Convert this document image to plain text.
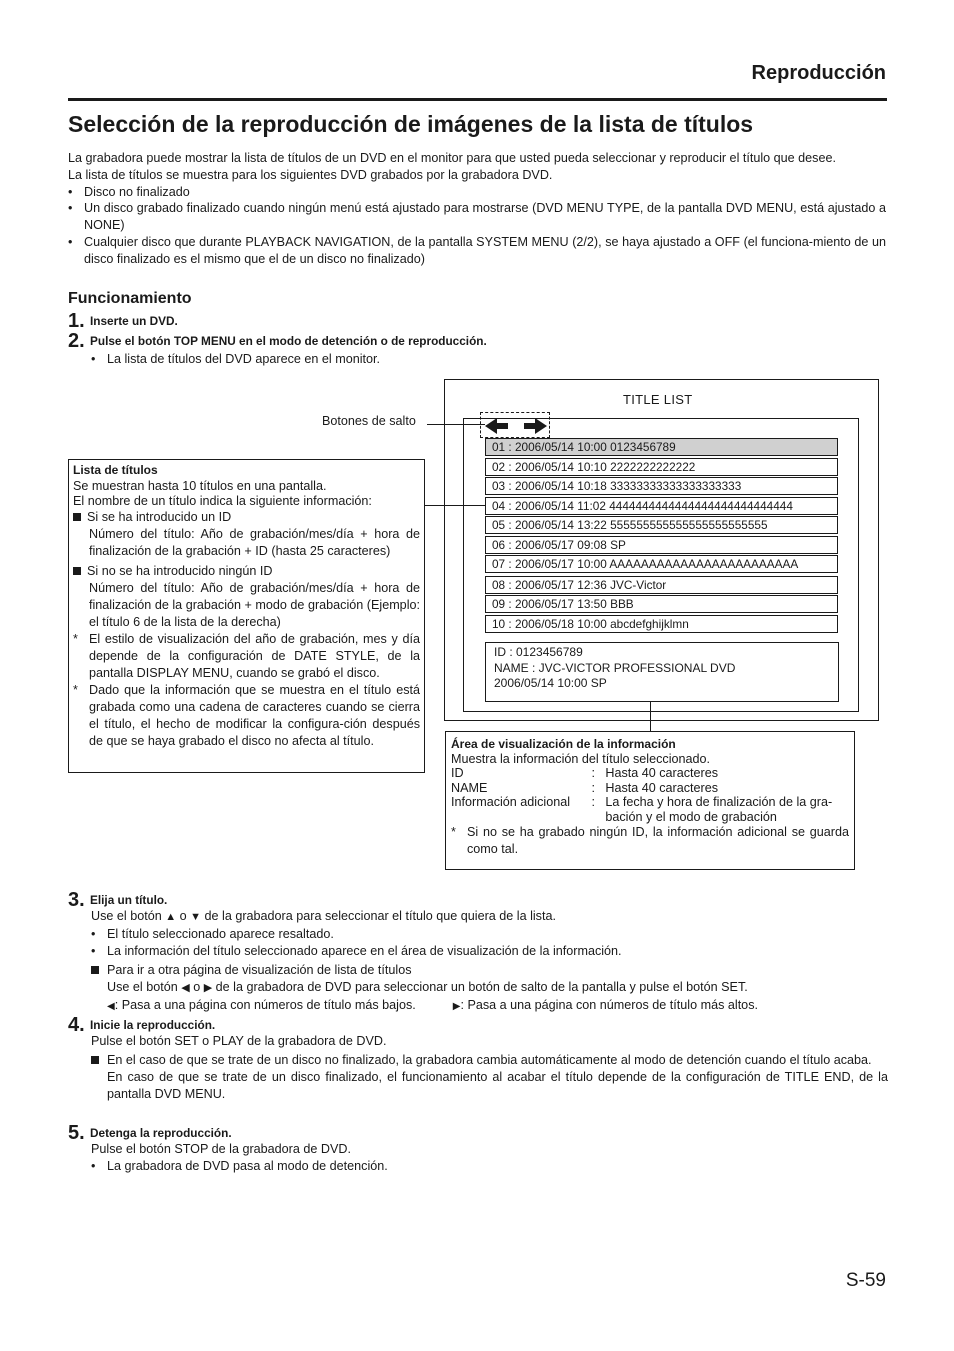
Reproducción
Selección de la reproducción de imágenes de la lista de títulos

La grabadora puede mostrar la lista de títulos de un DVD en el monitor para que usted pueda seleccionar y reproducir el título que desee.

La lista de títulos se muestra para los siguientes DVD grabados por la grabadora DVD.

• Disco no finalizado

• Un disco grabado finalizado cuando ningún menú está ajustado para mostrarse (DVD MENU TYPE, de la pantalla DVD MENU, está ajustado a NONE)

• Cualquier disco que durante PLAYBACK NAVIGATION, de la pantalla SYSTEM MENU (2/2), se haya ajustado a OFF (el funciona-miento de un disco finalizado es el mismo que el de un disco no finalizado)

Funcionamiento
1. Inserte un DVD.
2. Pulse el botón TOP MENU en el modo de detención o de reproducción.
• La lista de títulos del DVD aparece en el monitor.
TITLE LIST
01 : 2006/05/14 10:00 0123456789
02 : 2006/05/14 10:10 2222222222222
03 : 2006/05/14 10:18 33333333333333333333
04 : 2006/05/14 11:02 4444444444444444444444444444
05 : 2006/05/14 13:22 555555555555555555555555
06 : 2006/05/17 09:08 SP
07 : 2006/05/17 10:00 AAAAAAAAAAAAAAAAAAAAAAAA
08 : 2006/05/17 12:36 JVC-Victor
09 : 2006/05/17 13:50 BBB
10 : 2006/05/18 10:00 abcdefghijklmn
ID : 0123456789
NAME : JVC-VICTOR PROFESSIONAL DVD
2006/05/14 10:00 SP
Botones de salto
Lista de títulos
Se muestran hasta 10 títulos en una pantalla.
El nombre de un título indica la siguiente información:
Si se ha introducido un ID
Número del título: Año de grabación/mes/día + hora de finalización de la grabación + ID (hasta 25 caracteres)
Si no se ha introducido ningún ID
Número del título: Año de grabación/mes/día + hora de finalización de la grabación + modo de grabación (Ejemplo: el título 6 de la lista de la derecha)
* El estilo de visualización del año de grabación, mes y día depende de la configuración de DATE STYLE, de la pantalla DISPLAY MENU, cuando se grabó el disco.
* Dado que la información que se muestra en el título está grabada como una cadena de caracteres cuando se cierra el título, el hecho de modificar la configura-ción después de que se haya grabado el disco no afecta al título.	Área de visualización de la información
Muestra la información del título seleccionado.
ID	:	Hasta 40 caracteres
NAME	:	Hasta 40 caracteres
Información adicional	:	La fecha y hora de finalización de la gra-bación y el modo de grabación
* Si no se ha grabado ningún ID, la información adicional se guarda como tal.
3. Elija un título.
Use el botón ▲ o ▼ de la grabadora para seleccionar el título que quiera de la lista.
• El título seleccionado aparece resaltado.
• La información del título seleccionado aparece en el área de visualización de la información.
Para ir a otra página de visualización de lista de títulos
Use el botón ◀ o ▶ de la grabadora de DVD para seleccionar un botón de salto de la pantalla y pulse el botón SET.
◀: Pasa a una página con números de título más bajos.	▶: Pasa a una página con números de título más altos.
4. Inicie la reproducción.
Pulse el botón SET o PLAY de la grabadora de DVD.
En el caso de que se trate de un disco no finalizado, la grabadora cambia automáticamente al modo de detención cuando el título acaba.
En caso de que se trate de un disco finalizado, el funcionamiento al acabar el título depende de la configuración de TITLE END, de la pantalla DVD MENU.
5. Detenga la reproducción.
Pulse el botón STOP de la grabadora de DVD.
• La grabadora de DVD pasa al modo de detención.
S-59
